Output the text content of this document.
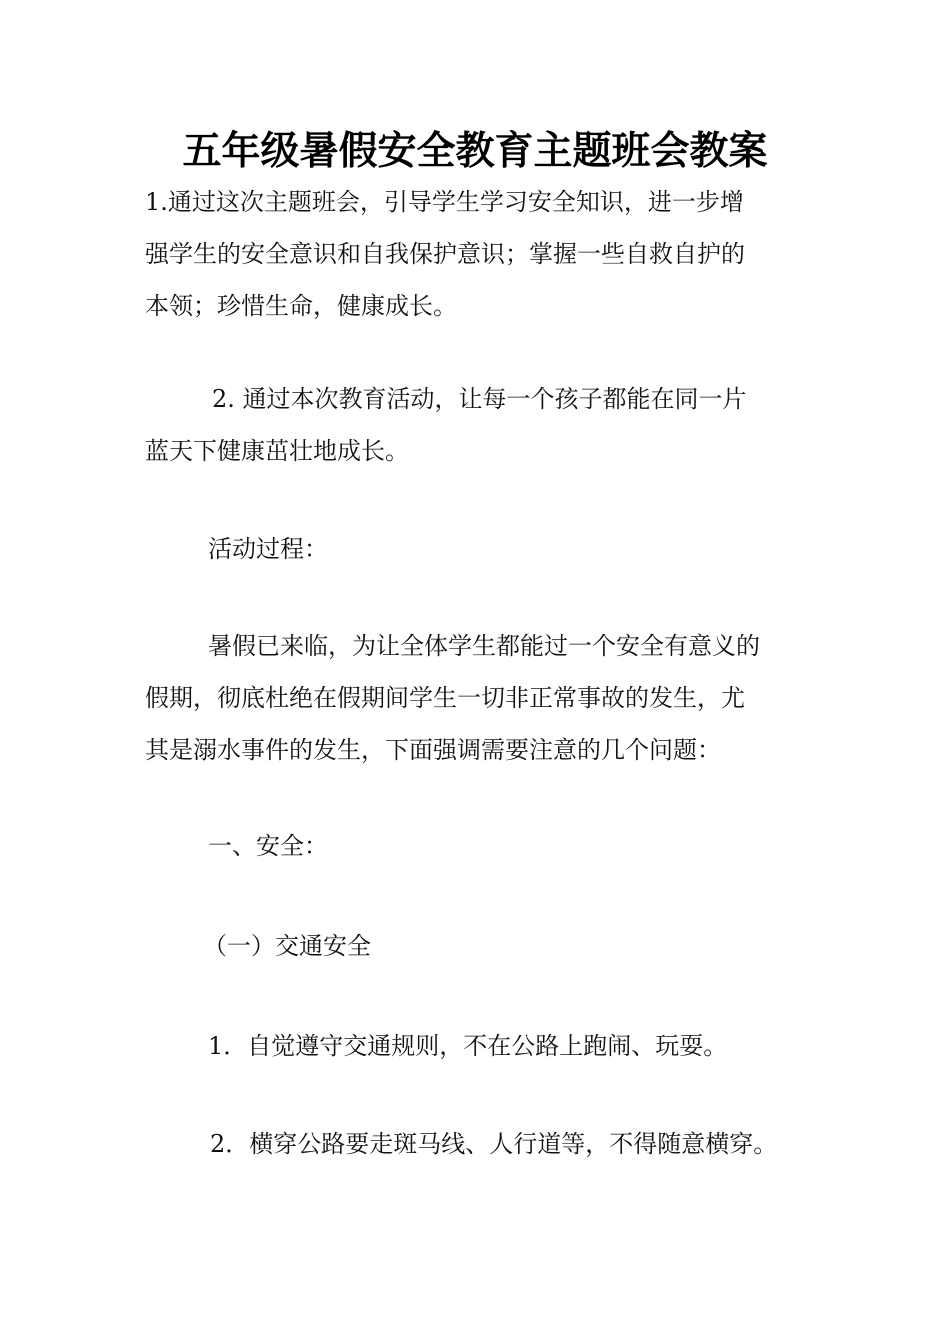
五年级暑假安全教育主题班会教案
1.通过这次主题班会，引导学生学习安全知识，进一步增
强学生的安全意识和自我保护意识；掌握一些自救自护的
本领；珍惜生命，健康成长。
2. 通过本次教育活动，让每一个孩子都能在同一片
蓝天下健康茁壮地成长。
活动过程：
暑假已来临，为让全体学生都能过一个安全有意义的
假期，彻底杜绝在假期间学生一切非正常事故的发生，尤
其是溺水事件的发生，下面强调需要注意的几个问题：
一、安全：
（一）交通安全
1．自觉遵守交通规则，不在公路上跑闹、玩耍。
2．横穿公路要走斑马线、人行道等，不得随意横穿。
